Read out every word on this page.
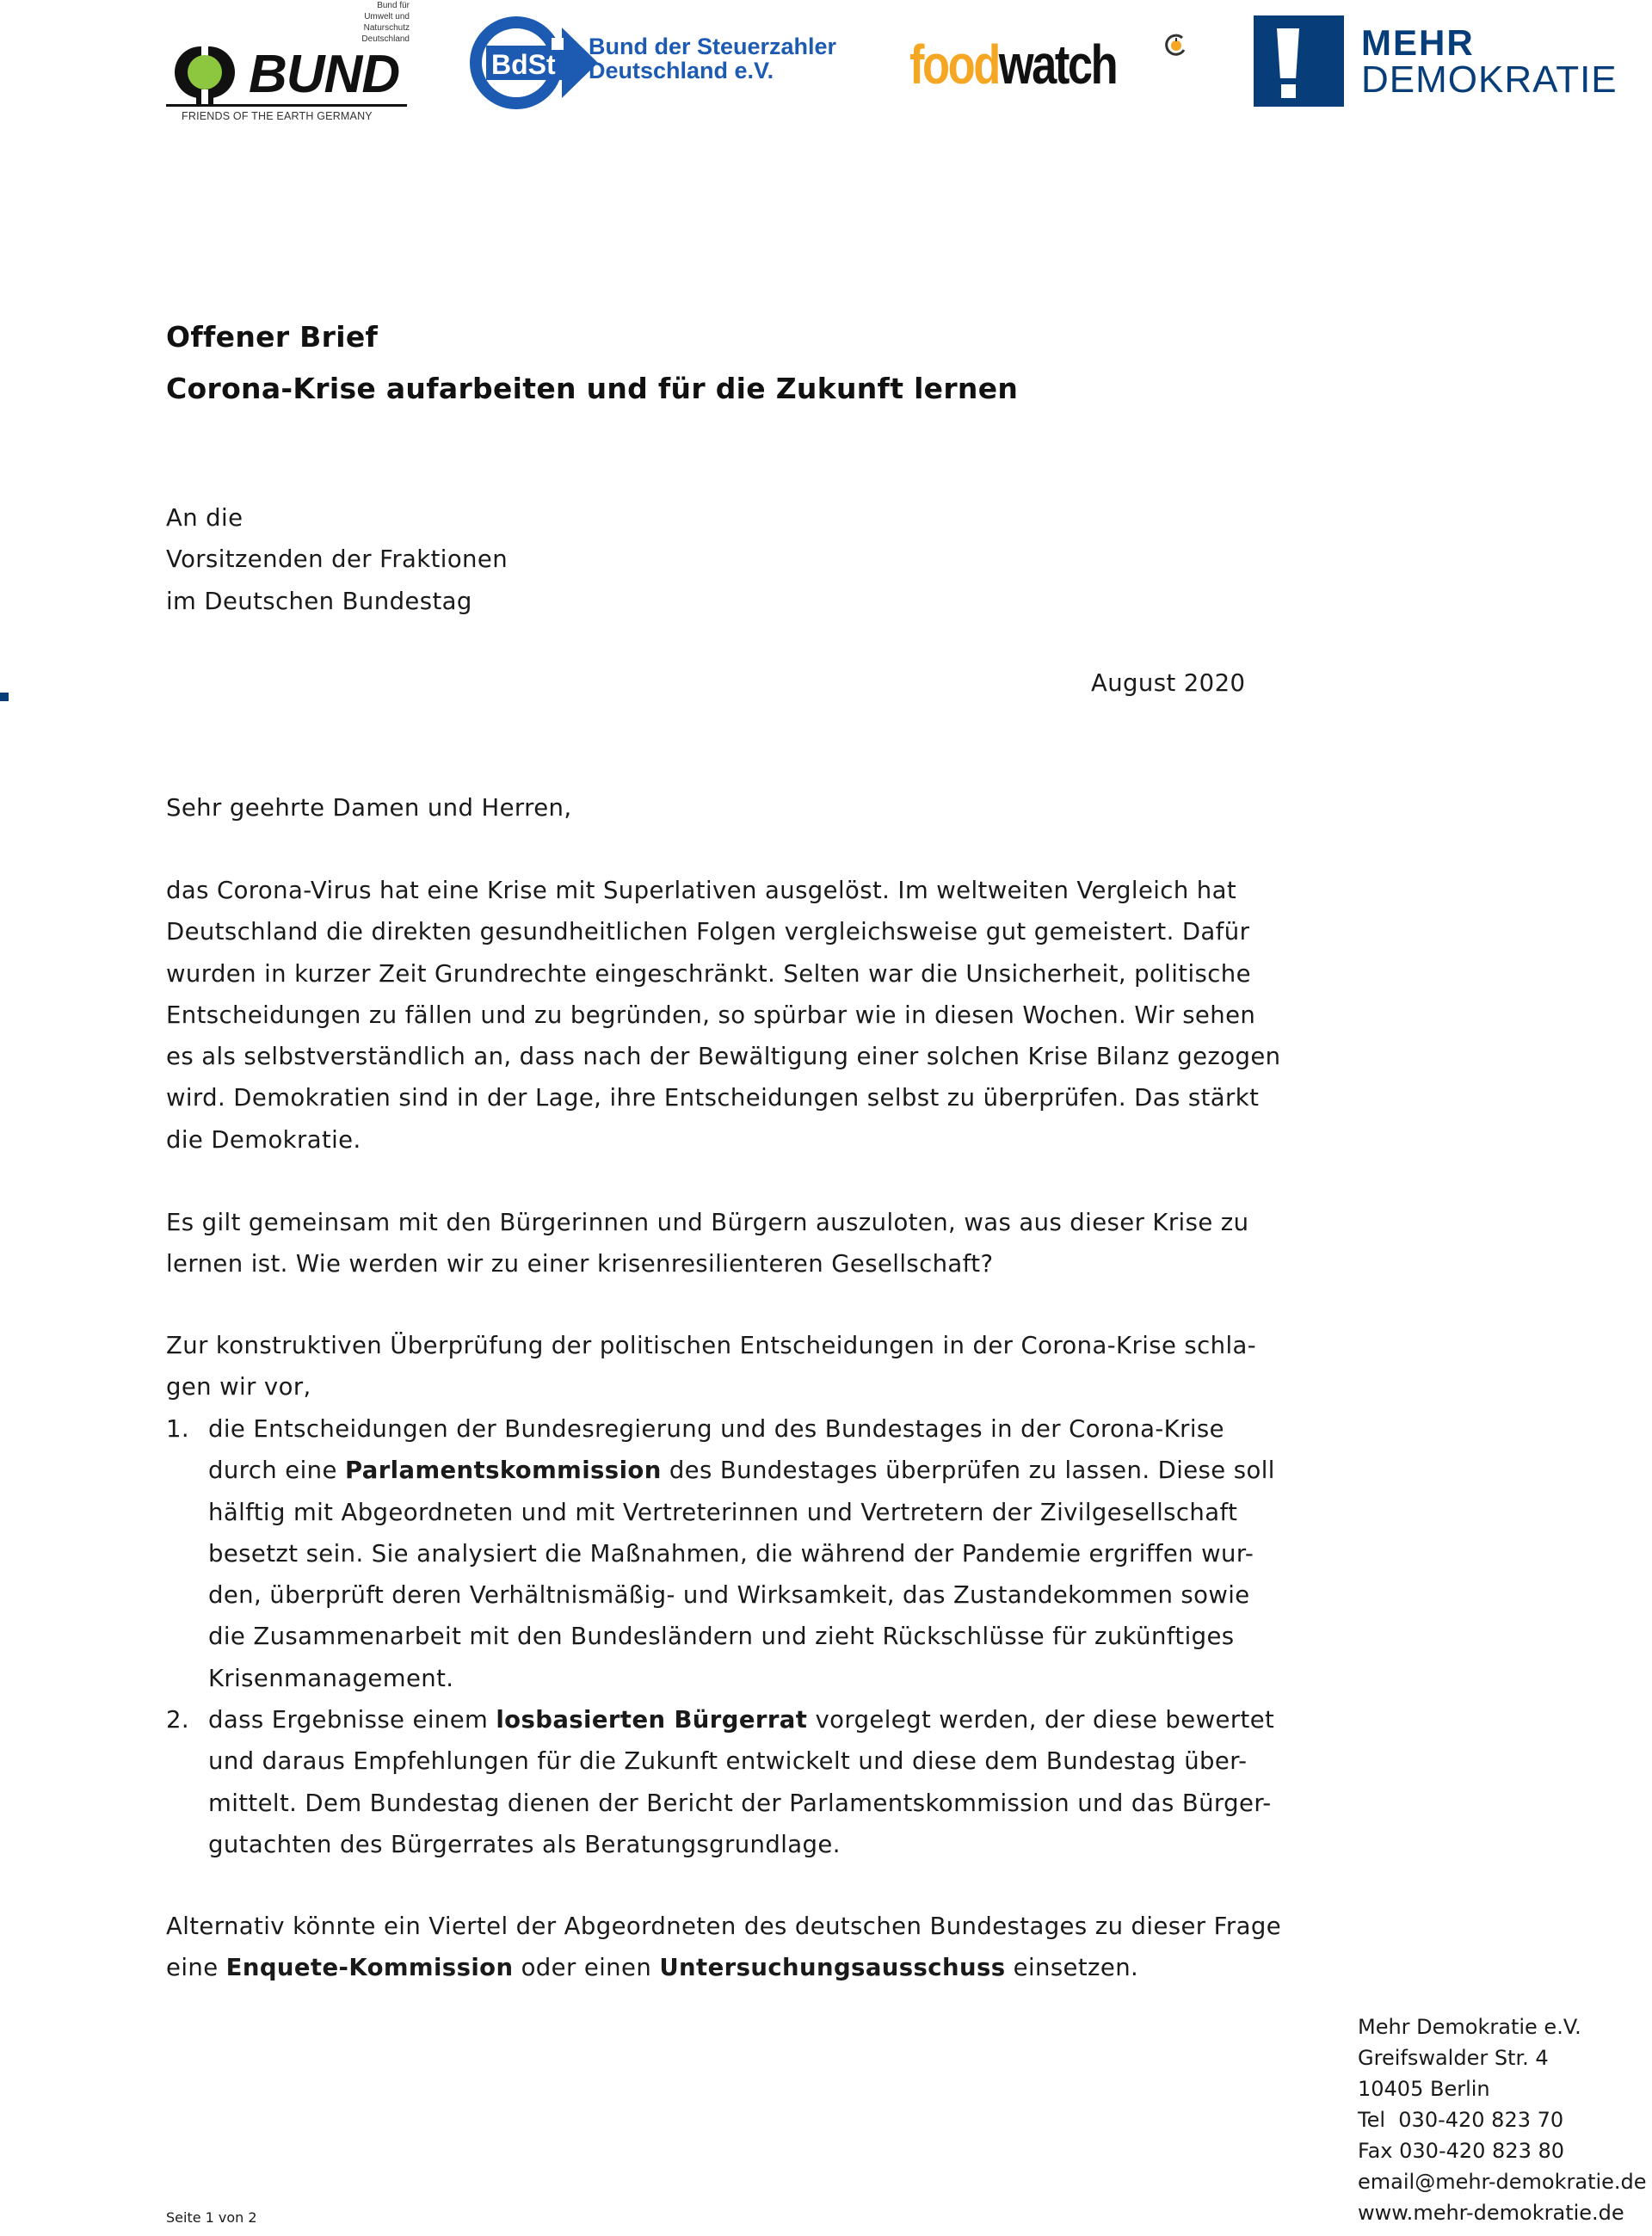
Bund für
Umwelt und
Naturschutz
Deutschland
BUND
FRIENDS OF THE EARTH GERMANY
BdSt
Bund der Steuerzahler
Deutschland e.V.	foodwatch	MEHR
DEMOKRATIE
Offener Brief
Corona-Krise aufarbeiten und für die Zukunft lernen
An die
Vorsitzenden der Fraktionen
im Deutschen Bundestag
August 2020
Sehr geehrte Damen und Herren,
das Corona-Virus hat eine Krise mit Superlativen ausgelöst. Im weltweiten Vergleich hat
Deutschland die direkten gesundheitlichen Folgen vergleichsweise gut gemeistert. Dafür
wurden in kurzer Zeit Grundrechte eingeschränkt. Selten war die Unsicherheit, politische
Entscheidungen zu fällen und zu begründen, so spürbar wie in diesen Wochen. Wir sehen
es als selbstverständlich an, dass nach der Bewältigung einer solchen Krise Bilanz gezogen
wird. Demokratien sind in der Lage, ihre Entscheidungen selbst zu überprüfen. Das stärkt
die Demokratie.
Es gilt gemeinsam mit den Bürgerinnen und Bürgern auszuloten, was aus dieser Krise zu
lernen ist. Wie werden wir zu einer krisenresilienteren Gesellschaft?
Zur konstruktiven Überprüfung der politischen Entscheidungen in der Corona-Krise schla-
gen wir vor,
1. die Entscheidungen der Bundesregierung und des Bundestages in der Corona-Krise
durch eine Parlamentskommission des Bundestages überprüfen zu lassen. Diese soll
hälftig mit Abgeordneten und mit Vertreterinnen und Vertretern der Zivilgesellschaft
besetzt sein. Sie analysiert die Maßnahmen, die während der Pandemie ergriffen wur-
den, überprüft deren Verhältnismäßig- und Wirksamkeit, das Zustandekommen sowie
die Zusammenarbeit mit den Bundesländern und zieht Rückschlüsse für zukünftiges
Krisenmanagement.
2. dass Ergebnisse einem losbasierten Bürgerrat vorgelegt werden, der diese bewertet
und daraus Empfehlungen für die Zukunft entwickelt und diese dem Bundestag über-
mittelt. Dem Bundestag dienen der Bericht der Parlamentskommission und das Bürger-
gutachten des Bürgerrates als Beratungsgrundlage.
Alternativ könnte ein Viertel der Abgeordneten des deutschen Bundestages zu dieser Frage
eine Enquete-Kommission oder einen Untersuchungsausschuss einsetzen.
Mehr Demokratie e.V.
Greifswalder Str. 4
10405 Berlin
Tel  030-420 823 70
Fax 030-420 823 80
email@mehr-demokratie.de
www.mehr-demokratie.de
Seite 1 von 2
